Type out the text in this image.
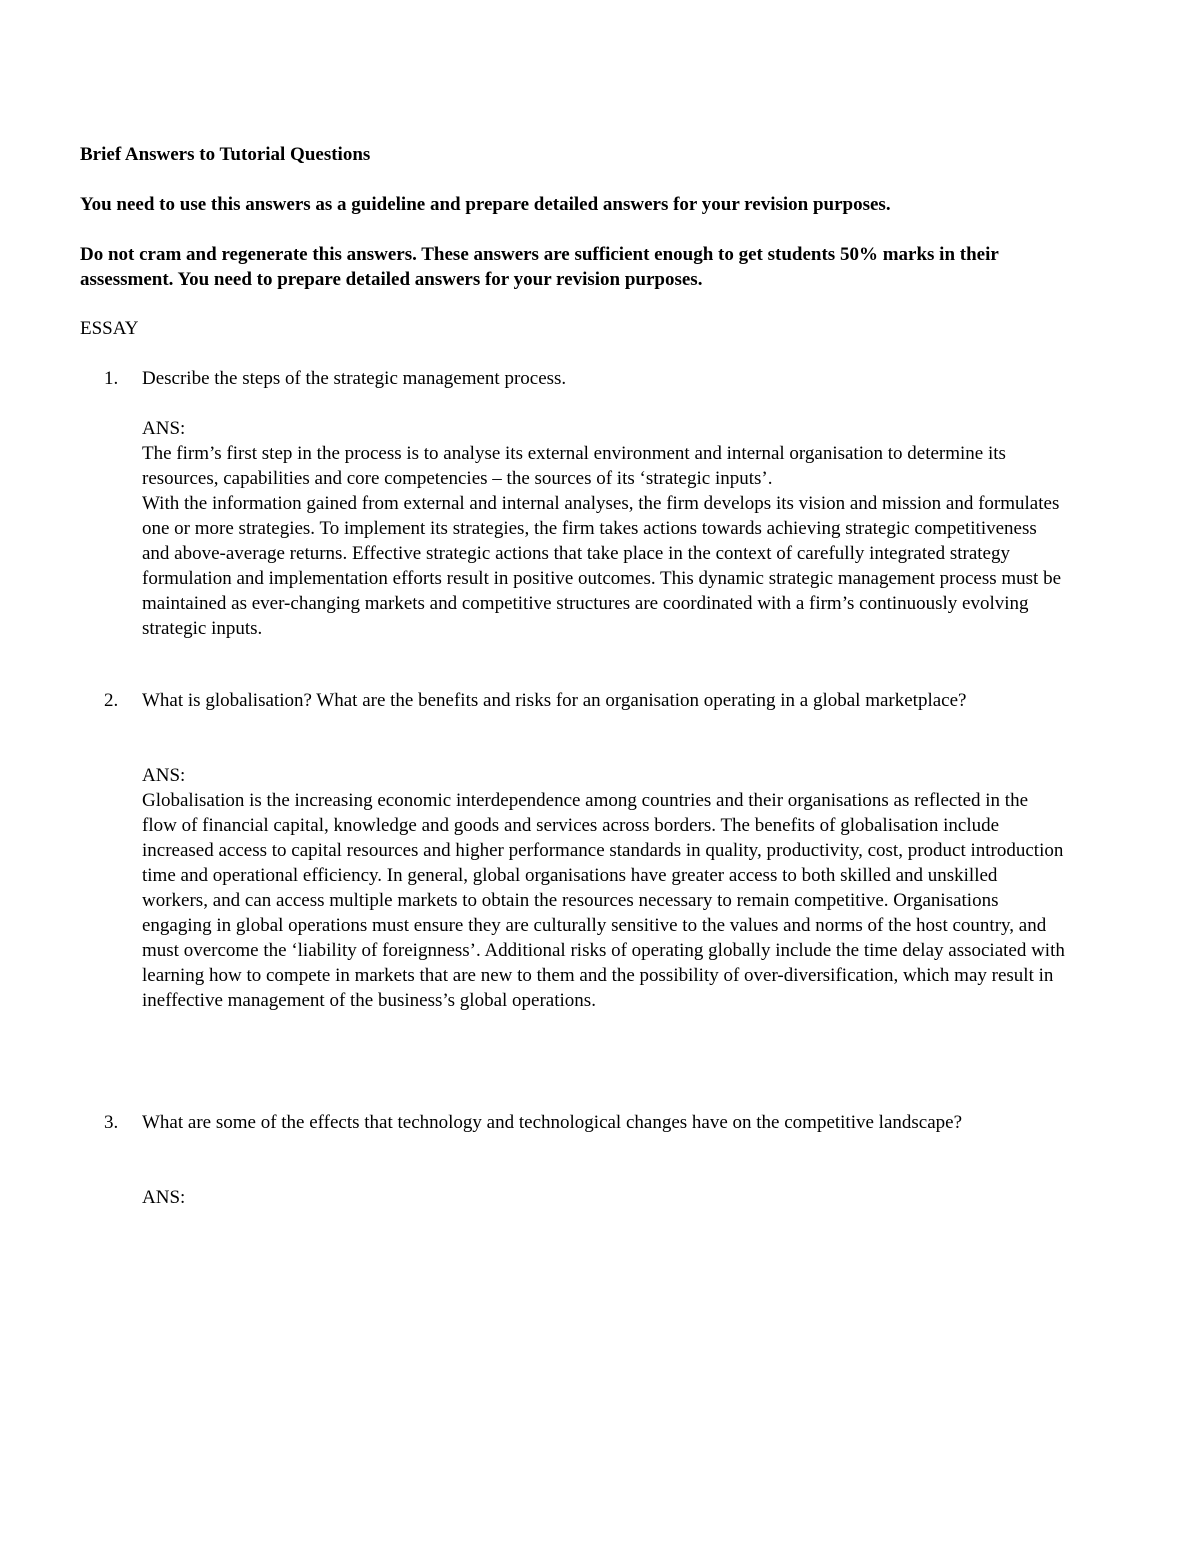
Brief Answers to Tutorial Questions
You need to use this answers as a guideline and prepare detailed answers for your revision purposes.
Do not cram and regenerate this answers. These answers are sufficient enough to get students 50% marks in their assessment. You need to prepare detailed answers for your revision purposes.
ESSAY
1.	Describe the steps of the strategic management process.

ANS:

The firm’s first step in the process is to analyse its external environment and internal organisation to determine its resources, capabilities and core competencies – the sources of its ‘strategic inputs’.
With the information gained from external and internal analyses, the firm develops its vision and mission and formulates one or more strategies. To implement its strategies, the firm takes actions towards achieving strategic competitiveness and above-average returns. Effective strategic actions that take place in the context of carefully integrated strategy formulation and implementation efforts result in positive outcomes. This dynamic strategic management process must be maintained as ever-changing markets and competitive structures are coordinated with a firm’s continuously evolving strategic inputs.

2.	What is globalisation? What are the benefits and risks for an organisation operating in a global marketplace?

ANS:

Globalisation is the increasing economic interdependence among countries and their organisations as reflected in the flow of financial capital, knowledge and goods and services across borders. The benefits of globalisation include increased access to capital resources and higher performance standards in quality, productivity, cost, product introduction time and operational efficiency. In general, global organisations have greater access to both skilled and unskilled workers, and can access multiple markets to obtain the resources necessary to remain competitive. Organisations engaging in global operations must ensure they are culturally sensitive to the values and norms of the host country, and must overcome the ‘liability of foreignness’. Additional risks of operating globally include the time delay associated with learning how to compete in markets that are new to them and the possibility of over-diversification, which may result in ineffective management of the business’s global operations.

3.	What are some of the effects that technology and technological changes have on the competitive landscape?

ANS:
